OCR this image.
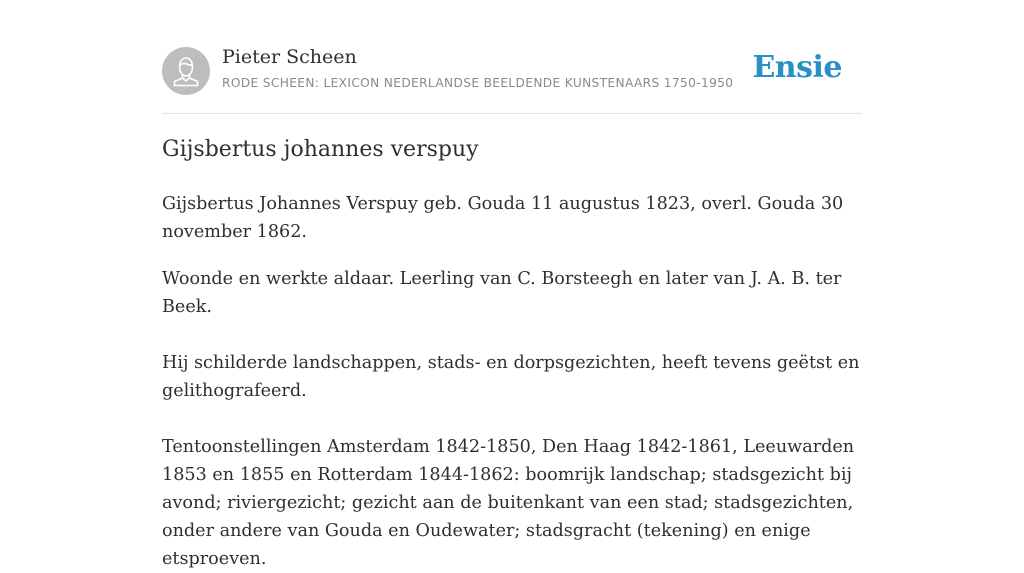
Pieter Scheen
RODE SCHEEN: LEXICON NEDERLANDSE BEELDENDE KUNSTENAARS 1750-1950 Ensie
Gijsbertus johannes verspuy

Gijsbertus Johannes Verspuy geb. Gouda 11 augustus 1823, overl. Gouda 30 november 1862.

Woonde en werkte aldaar. Leerling van C. Borsteegh en later van J. A. B. ter Beek.

Hij schilderde landschappen, stads- en dorpsgezichten, heeft tevens geëtst en gelithografeerd.

Tentoonstellingen Amsterdam 1842-1850, Den Haag 1842-1861, Leeuwarden 1853 en 1855 en Rotterdam 1844-1862: boomrijk landschap; stadsgezicht bij avond; riviergezicht; gezicht aan de buitenkant van een stad; stadsgezichten, onder andere van Gouda en Oudewater; stadsgracht (tekening) en enige etsproeven.
